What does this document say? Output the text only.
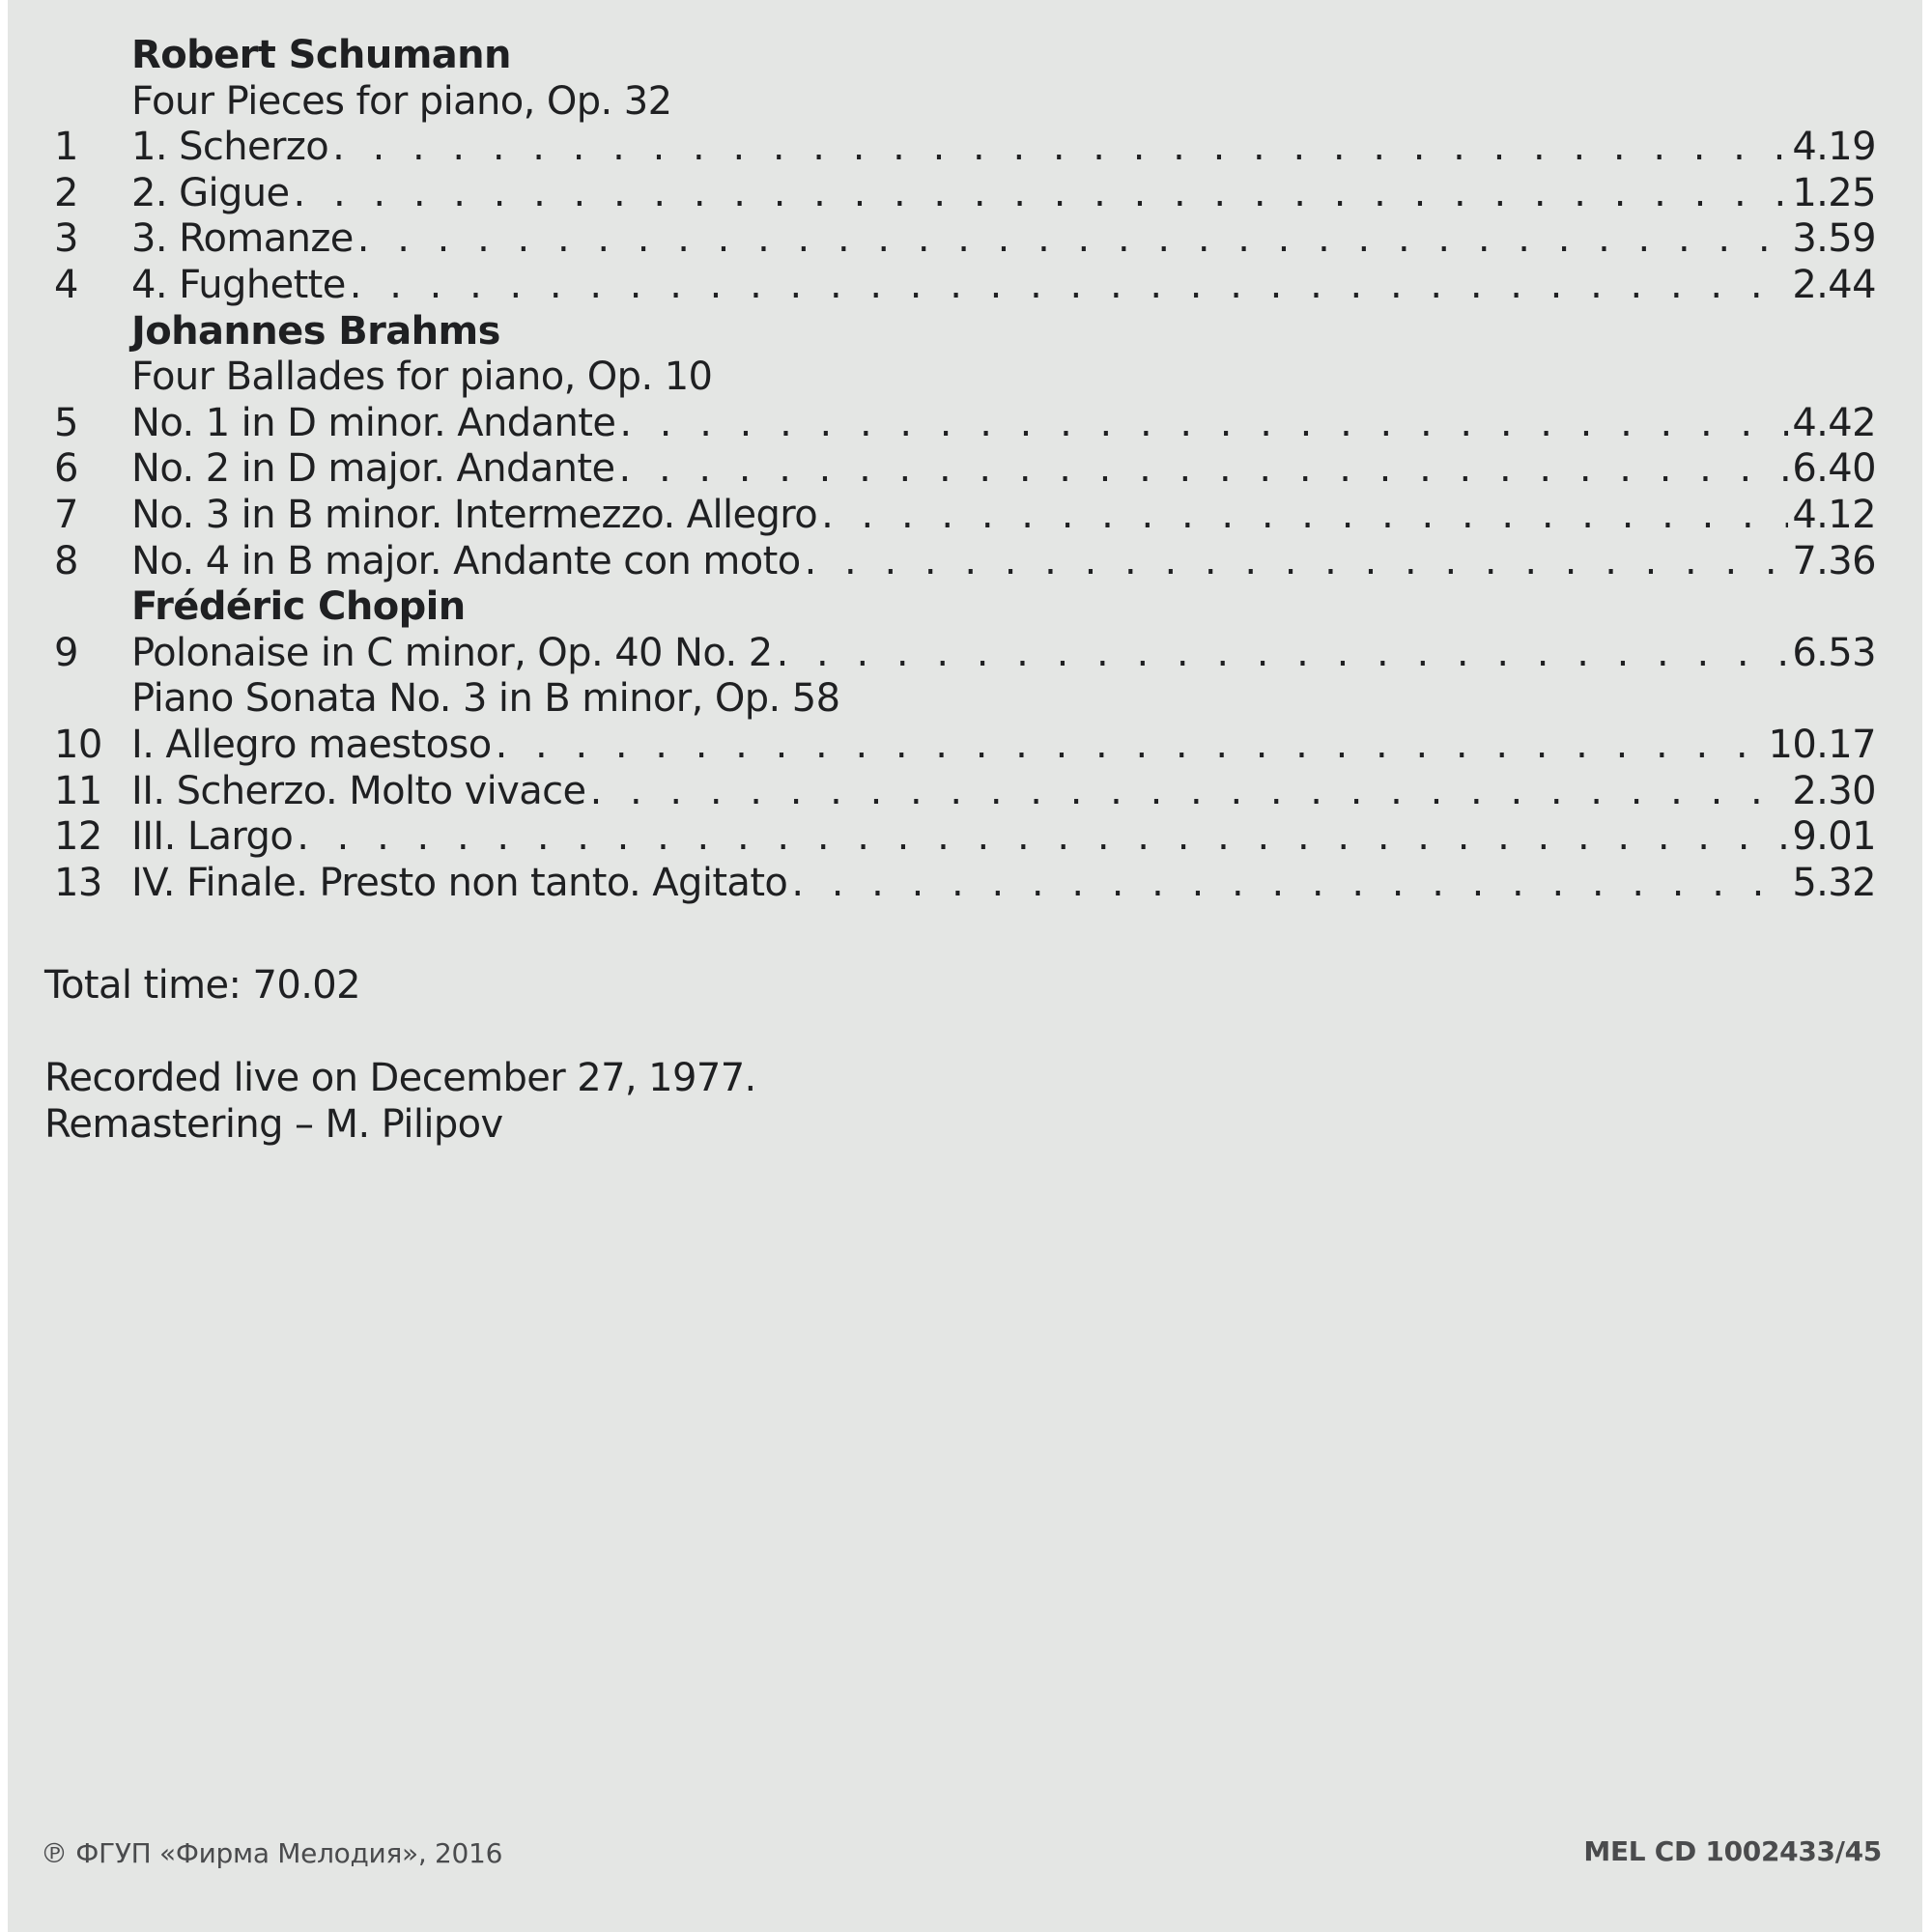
Robert Schumann
Four Pieces for piano, Op. 32
1	1. Scherzo . . .	4.19
2	2. Gigue . . .	1.25
3	3. Romanze . . .	3.59
4	4. Fughette . . .	2.44
Johannes Brahms
Four Ballades for piano, Op. 10
5	No. 1 in D minor. Andante . . .	4.42
6	No. 2 in D major. Andante . . .	6.40
7	No. 3 in B minor. Intermezzo. Allegro . . .	4.12
8	No. 4 in B major. Andante con moto . . .	7.36
Frédéric Chopin
9	Polonaise in C minor, Op. 40 No. 2 . . .	6.53
Piano Sonata No. 3 in B minor, Op. 58
10 I. Allegro maestoso . . .	10.17
11 II. Scherzo. Molto vivace . . .	2.30
12 III. Largo . . .	9.01
13 IV. Finale. Presto non tanto. Agitato . . .	5.32
Total time: 70.02
Recorded live on December 27, 1977.
Remastering – M. Pilipov
℗ ФГУП «Фирма Мелодия», 2016	MEL CD 1002433/45
